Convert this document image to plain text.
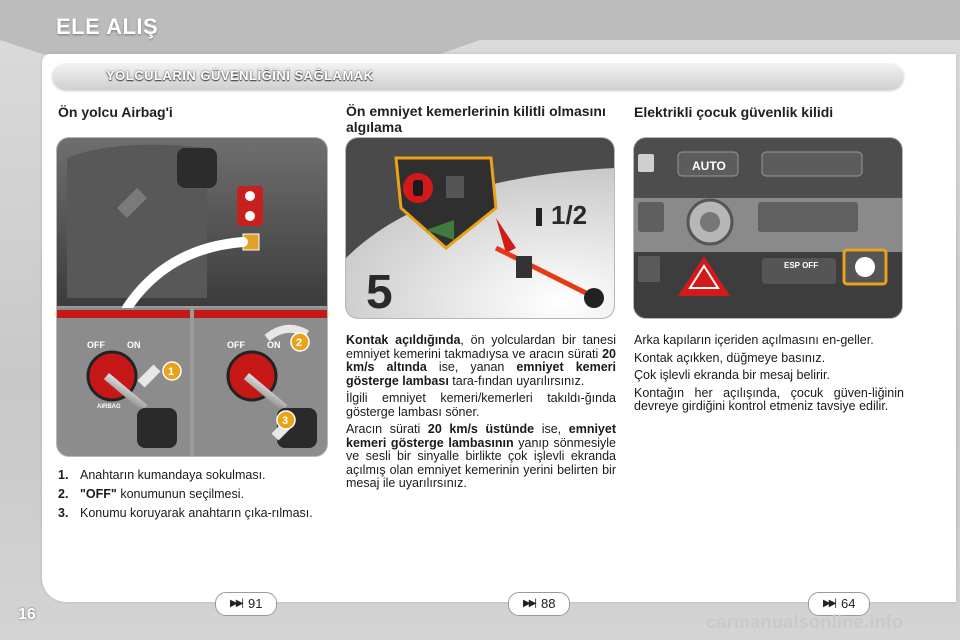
ELE ALIŞ
YOLCULARIN GÜVENLİĞİNİ SAĞLAMAK
Ön yolcu Airbag'i
OFF ON
AIRBAG
OFF ON
1
2
3
1. Anahtarın kumandaya sokulması.
2. "OFF" konumunun seçilmesi.
3. Konumu koruyarak anahtarın çıka-rılması.
Ön emniyet kemerlerinin kilitli olmasını algılama
1/2
5

Kontak açıldığında, ön yolculardan bir tanesi emniyet kemerini takmadıysa ve aracın sürati 20 km/s altında ise, yanan emniyet kemeri gösterge lambası tara-fından uyarılırsınız.

İlgili emniyet kemeri/kemerleri takıldı-ğında gösterge lambası söner.

Aracın sürati 20 km/s üstünde ise, emniyet kemeri gösterge lambasının yanıp sönmesiyle ve sesli bir sinyalle birlikte çok işlevli ekranda açılmış olan emniyet kemerinin yerini belirten bir mesaj ile uyarılırsınız.

Elektrikli çocuk güvenlik kilidi
AUTO
ESP OFF

Arka kapıların içeriden açılmasını en-geller.

Kontak açıkken, düğmeye basınız.

Çok işlevli ekranda bir mesaj belirir.

Kontağın her açılışında, çocuk güven-liğinin devreye girdiğini kontrol etmeniz tavsiye edilir.

▶▶| 91	▶▶| 88	▶▶| 64

16	carmanualsonline.info
